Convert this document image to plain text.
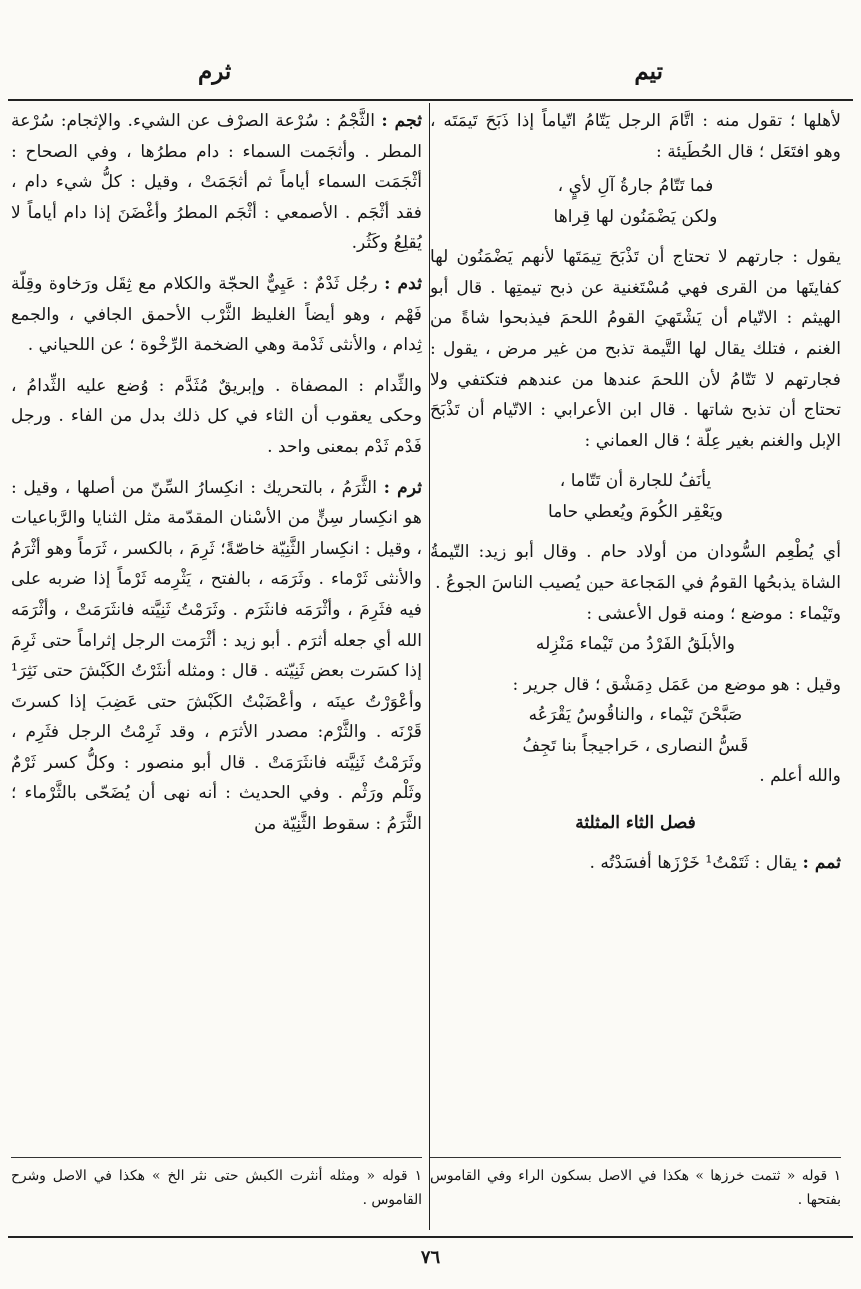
تيم
ثرم

لأهلها ؛ تقول منه : اتَّامَ الرجل يَتّامُ اتّياماً إذا ذَبَحَ تَيمَتَه ، وهو افتَعَل ؛ قال الحُطَيئة :

فما تَتّامُ جارةُ آلِ لأيٍ ،
ولكن يَضْمَنُون لها قِراها

يقول : جارتهم لا تحتاج أن تَذْبَحَ تِيمَتَها لأنهم يَضْمَنُون لها كفايتَها من القرى فهي مُسْتَغنية عن ذبح تيمتِها . قال أبو الهيثم : الاتّيام أن يَشْتَهيَ القومُ اللحمَ فيذبحوا شاةً من الغنم ، فتلك يقال لها التَّيمة تذبح من غير مرض ، يقول : فجارتهم لا تَتّامُ لأن اللحمَ عندها من عندهم فتكتفي ولا تحتاج أن تذبح شاتها . قال ابن الأعرابي : الاتّيام أن تَذْبَحَ الإبل والغنم بغير عِلّة ؛ قال العماني :

يأنَفُ للجارة أن تَتّاما ،
ويَعْقِر الكُومَ ويُعطي حاما

أي يُطْعِم السُّودان من أولاد حام . وقال أبو زيد: التّيمةُ الشاة يذبحُها القومُ في المَجاعة حين يُصيب الناسَ الجوعُ .

وتَيْماء : موضع ؛ ومنه قول الأعشى :

والأبلَقُ الفَرْدُ من تَيْماء مَنْزِله

وقيل : هو موضع من عَمَل دِمَشْق ؛ قال جرير :

صَبَّحْنَ تَيْماء ، والناقُوسُ يَقْرَعُه
قَسُّ النصارى ، حَراجيجاً بنا تَجِفُ

والله أعلم .

فصل الثاء المثلثة

ثمم : يقال : ثَتَمْتُ¹ خَرْزَها أفسَدْتُه .

ثجم : الثَّجْمُ : سُرْعة الصرْف عن الشيء. والإثجام: سُرْعة المطر . وأثجَمت السماء : دام مطرُها ، وفي الصحاح : أثْجَمَت السماء أياماً ثم أثجَمَتْ ، وقيل : كلُّ شيء دام ، فقد أثْجَم . الأصمعي : أثْجَم المطرُ وأغْضَنَ إذا دام أياماً لا يُقلِعُ وكَثُر.

ثدم : رجُل ثَدْمٌ : عَيِيٌّ الحجّة والكلام مع ثِقَل ورَخاوة وقِلّة فَهْم ، وهو أيضاً الغليظ الثَّرْب الأحمق الجافي ، والجمع ثِدام ، والأنثى ثَدْمة وهي الضخمة الرِّخْوة ؛ عن اللحياني .

والثِّدام : المصفاة . وإبريقٌ مُثَدَّم : وُضع عليه الثِّدامُ ، وحكى يعقوب أن الثاء في كل ذلك بدل من الفاء . ورجل فَدْم ثَدْم بمعنى واحد .

ثرم : الثَّرَمُ ، بالتحريك : انكِسارُ السِّنّ من أصلها ، وقيل : هو انكِسار سِنٍّ من الأسْنان المقدّمة مثل الثنايا والرَّباعيات ، وقيل : انكِسار الثَّنِيّة خاصّةً؛ ثَرِمَ ، بالكسر ، ثَرَماً وهو أثْرَمُ والأنثى ثَرْماء . وثَرَمَه ، بالفتح ، يَثْرِمه ثَرْماً إذا ضربه على فيه فثَرِمَ ، وأثْرَمَه فانثَرَم . وثَرَمْتُ ثَنِيَّته فانثَرَمَتْ ، وأثْرَمَه الله أي جعله أثرَم . أبو زيد : أثْرَمت الرجل إثراماً حتى ثَرِمَ إذا كسَرت بعض ثَنِيّته . قال : ومثله أنثَرْتُ الكَبْشَ حتى نَثِرَ¹ وأعْوَرْتُ عينَه ، وأعْضَبْتُ الكَبْشَ حتى عَضِبَ إذا كسرتَ قَرْنَه . والثَّرْم: مصدر الأثرَم ، وقد ثَرِمْتُ الرجل فثَرِم ، وثَرَمْتُ ثَنِيَّته فانثَرَمَتْ . قال أبو منصور : وكلُّ كسر ثَرْمٌ وثَلْم ورَثْم . وفي الحديث : أنه نهى أن يُضَحّى بالثَّرْماء ؛ الثَّرَمُ : سقوط الثَّنِيّة من

١ قوله « ثتمت خرزها » هكذا في الاصل بسكون الراء وفي القاموس بفتحها .
١ قوله « ومثله أنثرت الكبش حتى نثر الخ » هكذا في الاصل وشرح القاموس .
٧٦
